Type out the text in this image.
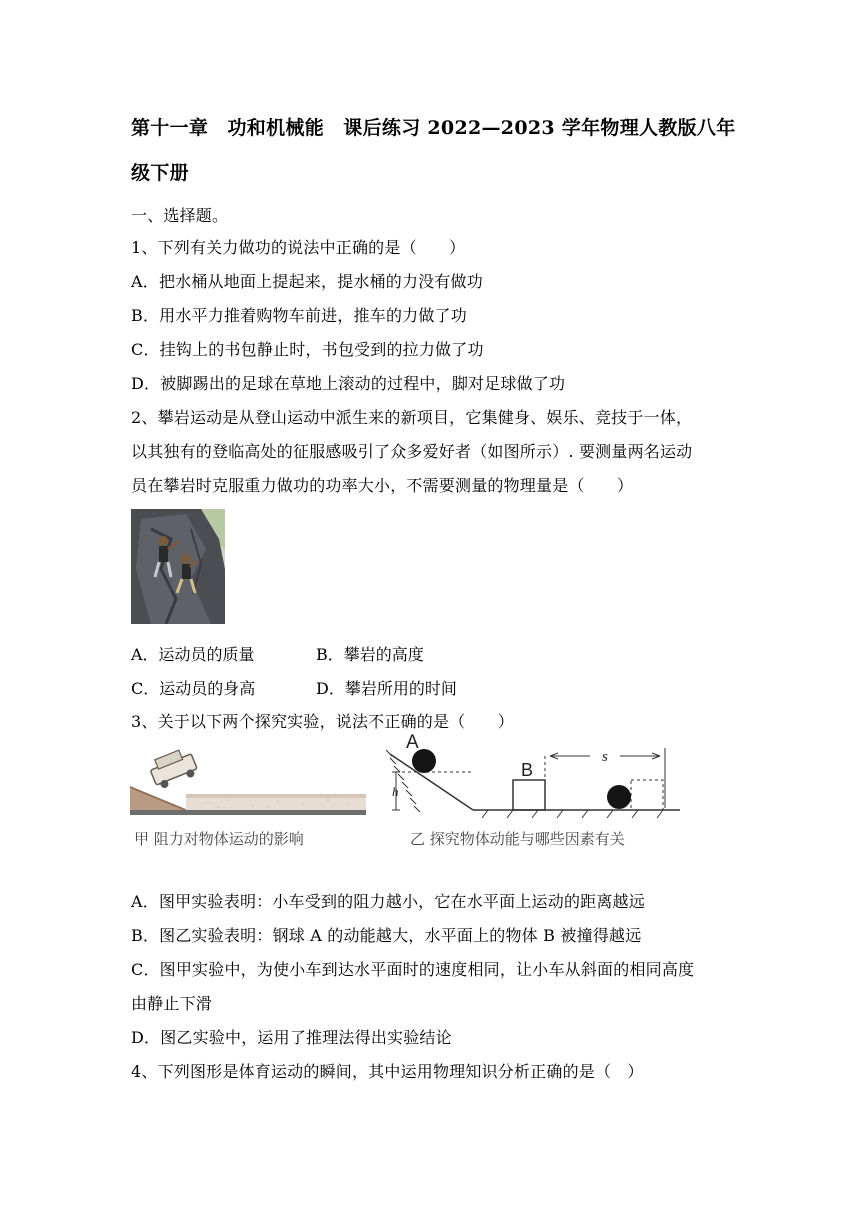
第十一章　功和机械能　课后练习 2022—2023 学年物理人教版八年
级下册
一、选择题。
1、下列有关力做功的说法中正确的是（　　）
A．把水桶从地面上提起来，提水桶的力没有做功
B．用水平力推着购物车前进，推车的力做了功
C．挂钩上的书包静止时，书包受到的拉力做了功
D．被脚踢出的足球在草地上滚动的过程中，脚对足球做了功
2、攀岩运动是从登山运动中派生来的新项目，它集健身、娱乐、竞技于一体，
以其独有的登临高处的征服感吸引了众多爱好者（如图所示）. 要测量两名运动
员在攀岩时克服重力做功的功率大小，不需要测量的物理量是（　　）
A．运动员的质量	B．攀岩的高度
C．运动员的身高	D．攀岩所用的时间
3、关于以下两个探究实验，说法不正确的是（　　）
甲 阻力对物体运动的影响
A
B
h
s
乙 探究物体动能与哪些因素有关
A．图甲实验表明：小车受到的阻力越小，它在水平面上运动的距离越远
B．图乙实验表明：钢球 A 的动能越大，水平面上的物体 B 被撞得越远
C．图甲实验中，为使小车到达水平面时的速度相同，让小车从斜面的相同高度
由静止下滑
D．图乙实验中，运用了推理法得出实验结论
4、下列图形是体育运动的瞬间，其中运用物理知识分析正确的是（　）
